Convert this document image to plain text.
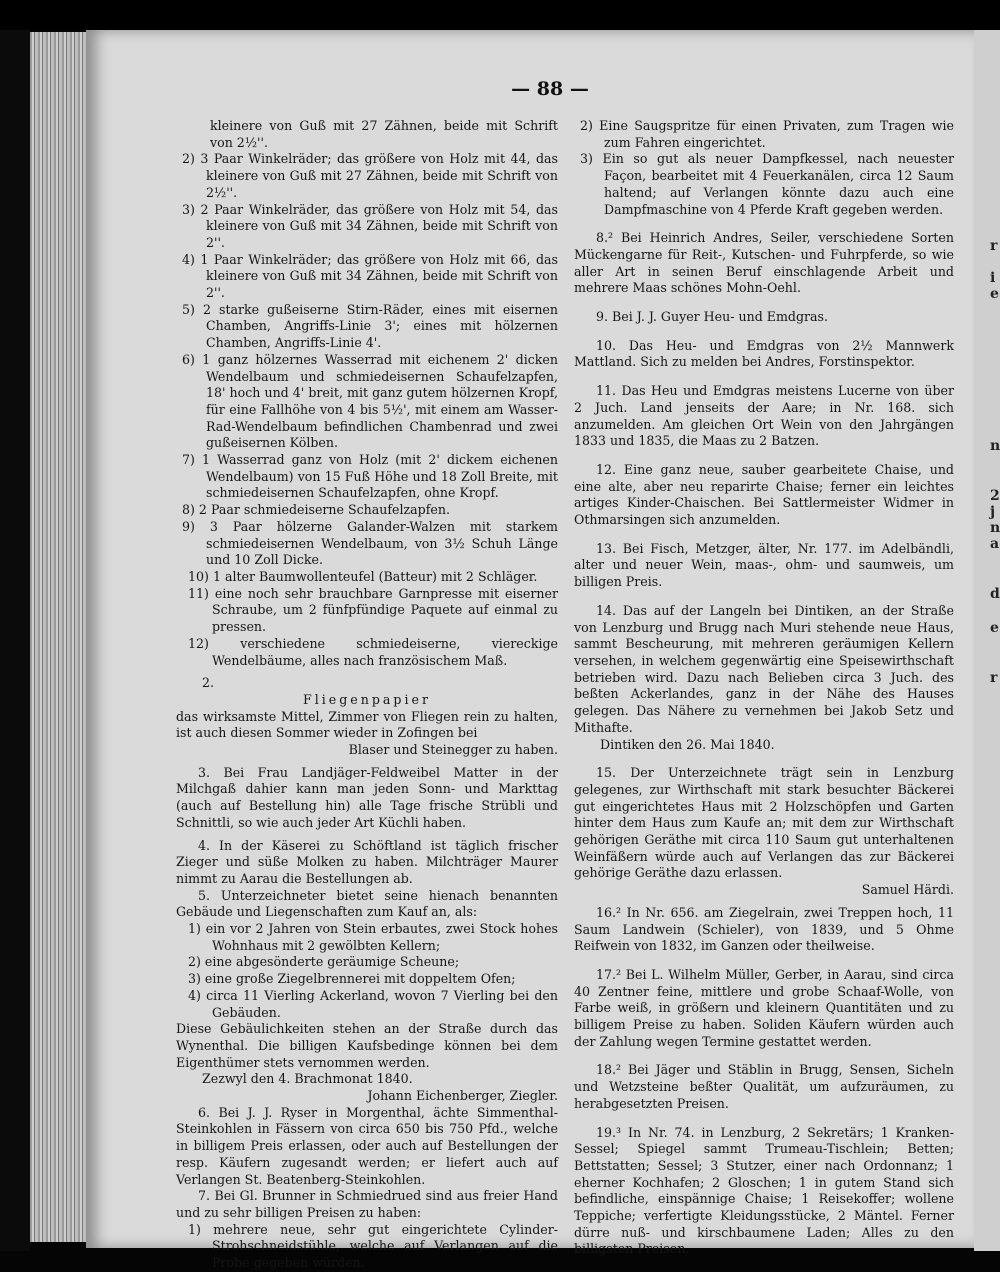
r
i
e
n
2
j
n
a
d
e
r
— 88 —

kleinere von Guß mit 27 Zähnen, beide mit Schrift von 2½''.

2) 3 Paar Winkelräder; das größere von Holz mit 44, das kleinere von Guß mit 27 Zähnen, beide mit Schrift von 2½''.

3) 2 Paar Winkelräder, das größere von Holz mit 54, das kleinere von Guß mit 34 Zähnen, beide mit Schrift von 2''.

4) 1 Paar Winkelräder; das größere von Holz mit 66, das kleinere von Guß mit 34 Zähnen, beide mit Schrift von 2''.

5) 2 starke gußeiserne Stirn-Räder, eines mit eisernen Chamben, Angriffs-Linie 3'; eines mit hölzernen Chamben, Angriffs-Linie 4'.

6) 1 ganz hölzernes Wasserrad mit eichenem 2' dicken Wendelbaum und schmiedeisernen Schaufelzapfen, 18' hoch und 4' breit, mit ganz gutem hölzernen Kropf, für eine Fallhöhe von 4 bis 5½', mit einem am Wasser-Rad-Wendelbaum befindlichen Chambenrad und zwei gußeisernen Kölben.

7) 1 Wasserrad ganz von Holz (mit 2' dickem eichenen Wendelbaum) von 15 Fuß Höhe und 18 Zoll Breite, mit schmiedeisernen Schaufelzapfen, ohne Kropf.

8) 2 Paar schmiedeiserne Schaufelzapfen.

9) 3 Paar hölzerne Galander-Walzen mit starkem schmiedeisernen Wendelbaum, von 3½ Schuh Länge und 10 Zoll Dicke.

10) 1 alter Baumwollenteufel (Batteur) mit 2 Schläger.

11) eine noch sehr brauchbare Garnpresse mit eiserner Schraube, um 2 fünfpfündige Paquete auf einmal zu pressen.

12) verschiedene schmiedeiserne, viereckige Wendelbäume, alles nach französischem Maß.

2.

Fliegenpapier

das wirksamste Mittel, Zimmer von Fliegen rein zu halten, ist auch diesen Sommer wieder in Zofingen bei

Blaser und Steinegger zu haben.

3. Bei Frau Landjäger-Feldweibel Matter in der Milchgaß dahier kann man jeden Sonn- und Markttag (auch auf Bestellung hin) alle Tage frische Strübli und Schnittli, so wie auch jeder Art Küchli haben.

4. In der Käserei zu Schöftland ist täglich frischer Zieger und süße Molken zu haben. Milchträger Maurer nimmt zu Aarau die Bestellungen ab.

5. Unterzeichneter bietet seine hienach benannten Gebäude und Liegenschaften zum Kauf an, als:

1) ein vor 2 Jahren von Stein erbautes, zwei Stock hohes Wohnhaus mit 2 gewölbten Kellern;

2) eine abgesönderte geräumige Scheune;

3) eine große Ziegelbrennerei mit doppeltem Ofen;

4) circa 11 Vierling Ackerland, wovon 7 Vierling bei den Gebäuden.

Diese Gebäulichkeiten stehen an der Straße durch das Wynenthal. Die billigen Kaufsbedinge können bei dem Eigenthümer stets vernommen werden.

Zezwyl den 4. Brachmonat 1840.

Johann Eichenberger, Ziegler.

6. Bei J. J. Ryser in Morgenthal, ächte Simmenthal-Steinkohlen in Fässern von circa 650 bis 750 Pfd., welche in billigem Preis erlassen, oder auch auf Bestellungen der resp. Käufern zugesandt werden; er liefert auch auf Verlangen St. Beatenberg-Steinkohlen.

7. Bei Gl. Brunner in Schmiedrued sind aus freier Hand und zu sehr billigen Preisen zu haben:

1) mehrere neue, sehr gut eingerichtete Cylinder-Strohschneidstühle, welche auf Verlangen auf die Probe gegeben würden.

2) Eine Saugspritze für einen Privaten, zum Tragen wie zum Fahren eingerichtet.

3) Ein so gut als neuer Dampfkessel, nach neuester Façon, bearbeitet mit 4 Feuerkanälen, circa 12 Saum haltend; auf Verlangen könnte dazu auch eine Dampfmaschine von 4 Pferde Kraft gegeben werden.

8.² Bei Heinrich Andres, Seiler, verschiedene Sorten Mückengarne für Reit-, Kutschen- und Fuhrpferde, so wie aller Art in seinen Beruf einschlagende Arbeit und mehrere Maas schönes Mohn-Oehl.

9. Bei J. J. Guyer Heu- und Emdgras.

10. Das Heu- und Emdgras von 2½ Mannwerk Mattland. Sich zu melden bei Andres, Forstinspektor.

11. Das Heu und Emdgras meistens Lucerne von über 2 Juch. Land jenseits der Aare; in Nr. 168. sich anzumelden. Am gleichen Ort Wein von den Jahrgängen 1833 und 1835, die Maas zu 2 Batzen.

12. Eine ganz neue, sauber gearbeitete Chaise, und eine alte, aber neu reparirte Chaise; ferner ein leichtes artiges Kinder-Chaischen. Bei Sattlermeister Widmer in Othmarsingen sich anzumelden.

13. Bei Fisch, Metzger, älter, Nr. 177. im Adelbändli, alter und neuer Wein, maas-, ohm- und saumweis, um billigen Preis.

14. Das auf der Langeln bei Dintiken, an der Straße von Lenzburg und Brugg nach Muri stehende neue Haus, sammt Bescheurung, mit mehreren geräumigen Kellern versehen, in welchem gegenwärtig eine Speisewirthschaft betrieben wird. Dazu nach Belieben circa 3 Juch. des beßten Ackerlandes, ganz in der Nähe des Hauses gelegen. Das Nähere zu vernehmen bei Jakob Setz und Mithafte.

Dintiken den 26. Mai 1840.

15. Der Unterzeichnete trägt sein in Lenzburg gelegenes, zur Wirthschaft mit stark besuchter Bäckerei gut eingerichtetes Haus mit 2 Holzschöpfen und Garten hinter dem Haus zum Kaufe an; mit dem zur Wirthschaft gehörigen Geräthe mit circa 110 Saum gut unterhaltenen Weinfäßern würde auch auf Verlangen das zur Bäckerei gehörige Geräthe dazu erlassen.

Samuel Härdi.

16.² In Nr. 656. am Ziegelrain, zwei Treppen hoch, 11 Saum Landwein (Schieler), von 1839, und 5 Ohme Reifwein von 1832, im Ganzen oder theilweise.

17.² Bei L. Wilhelm Müller, Gerber, in Aarau, sind circa 40 Zentner feine, mittlere und grobe Schaaf-Wolle, von Farbe weiß, in größern und kleinern Quantitäten und zu billigem Preise zu haben. Soliden Käufern würden auch der Zahlung wegen Termine gestattet werden.

18.² Bei Jäger und Stäblin in Brugg, Sensen, Sicheln und Wetzsteine beßter Qualität, um aufzuräumen, zu herabgesetzten Preisen.

19.³ In Nr. 74. in Lenzburg, 2 Sekretärs; 1 Kranken-Sessel; Spiegel sammt Trumeau-Tischlein; Betten; Bettstatten; Sessel; 3 Stutzer, einer nach Ordonnanz; 1 eherner Kochhafen; 2 Gloschen; 1 in gutem Stand sich befindliche, einspännige Chaise; 1 Reisekoffer; wollene Teppiche; verfertigte Kleidungsstücke, 2 Mäntel. Ferner dürre nuß- und kirschbaumene Laden; Alles zu den billigsten Preisen.
